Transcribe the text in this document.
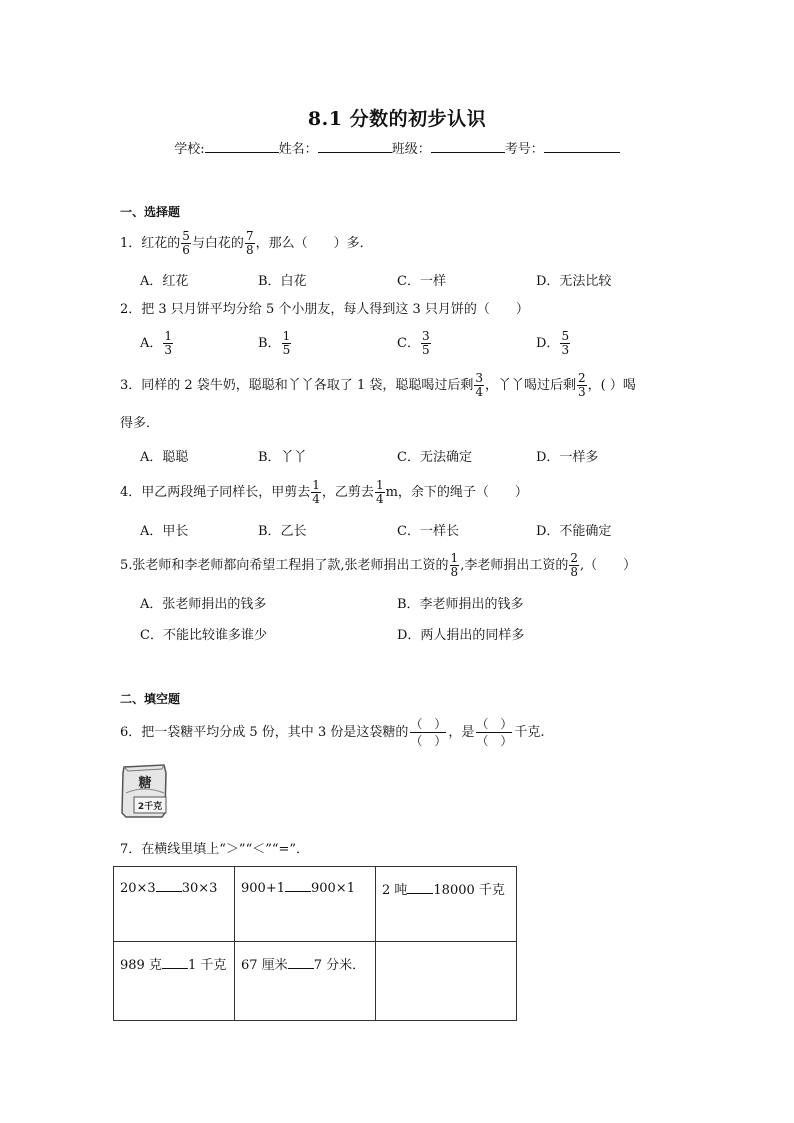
8.1 分数的初步认识
学校:	姓名：	班级：	考号：
一、选择题
1．红花的 $\frac{5}{6}$ 与白花的 $\frac{7}{8}$ ，那么（　　）多．
A．红花	B．白花	C．一样	D．无法比较
2．把 3 只月饼平均分给 5 个小朋友，每人得到这 3 只月饼的（　　）
A． $\frac{1}{3}$	B． $\frac{1}{5}$	C． $\frac{3}{5}$	D． $\frac{5}{3}$
3．同样的 2 袋牛奶，聪聪和丫丫各取了 1 袋，聪聪喝过后剩 $\frac{3}{4}$ ，丫丫喝过后剩 $\frac{2}{3}$ ，( ）喝
得多．
A．聪聪	B．丫丫	C．无法确定	D．一样多
4．甲乙两段绳子同样长，甲剪去 $\frac{1}{4}$ ，乙剪去 $\frac{1}{4}$ m，余下的绳子（　　）
A．甲长	B．乙长	C．一样长	D．不能确定
5.张老师和李老师都向希望工程捐了款,张老师捐出工资的 $\frac{1}{8}$ ,李老师捐出工资的 $\frac{2}{8}$ ,（　　）
A．张老师捐出的钱多	B．李老师捐出的钱多
C．不能比较谁多谁少	D．两人捐出的同样多
二、填空题
6．把一袋糖平均分成 5 份，其中 3 份是这袋糖的
（　）
（　）
，是
（　）
（　）
千克.
糖
2千克
7．在横线里填上“＞”“＜”“=”．
20×3 30×3	900+1 900×1	2 吨 18000 千克
989 克 1 千克	67 厘米 7 分米．	
